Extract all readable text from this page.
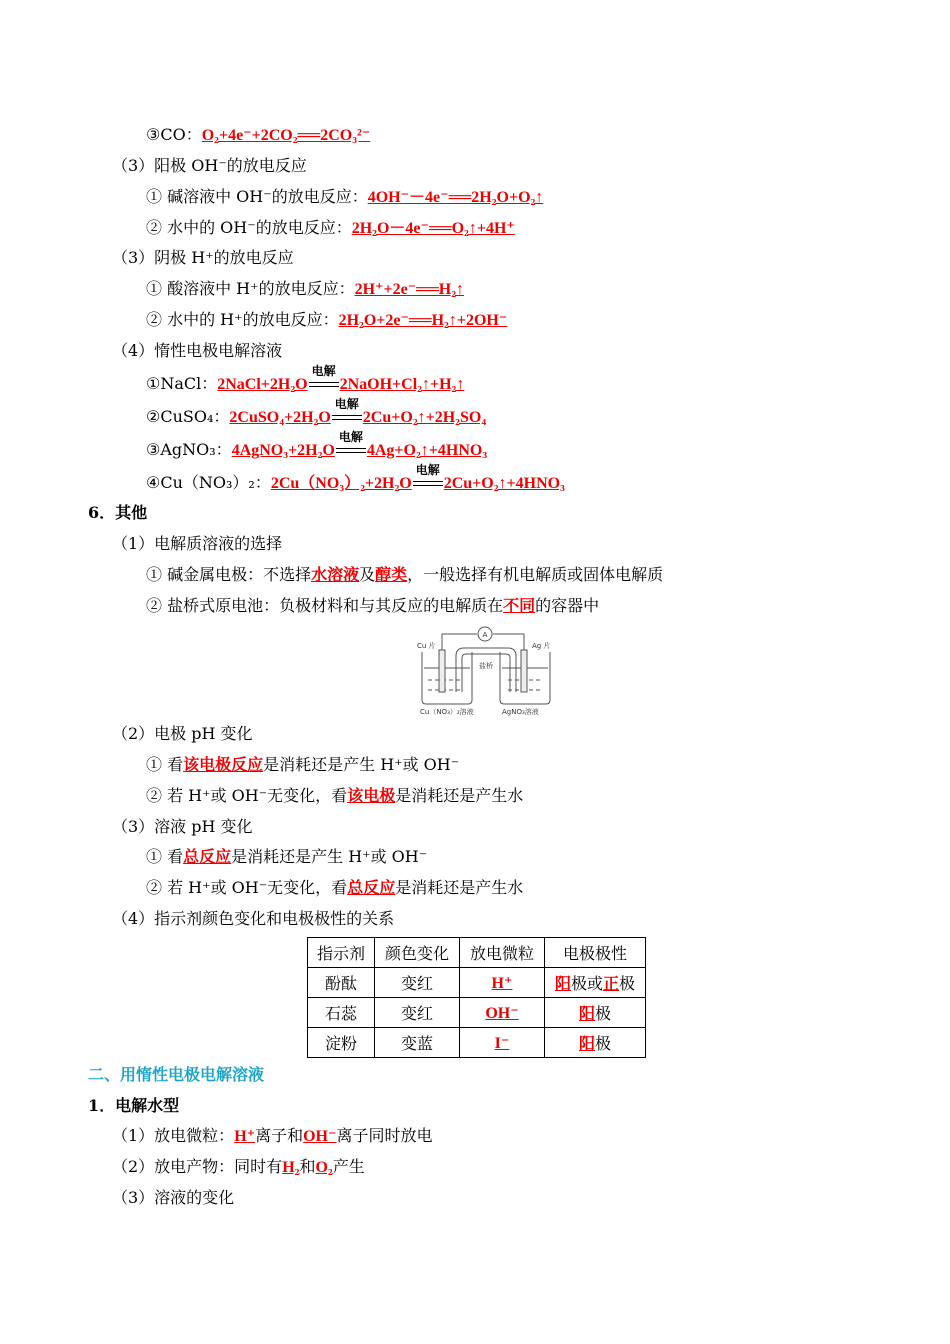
③CO：O₂+4e⁻+2CO₂══2CO₃²⁻
（3）阳极 OH⁻的放电反应
① 碱溶液中 OH⁻的放电反应：4OH⁻－4e⁻══2H₂O+O₂↑
② 水中的 OH⁻的放电反应：2H₂O－4e⁻══O₂↑+4H⁺
（3）阴极 H⁺的放电反应
① 酸溶液中 H⁺的放电反应：2H⁺+2e⁻══H₂↑
② 水中的 H⁺的放电反应：2H₂O+2e⁻══H₂↑+2OH⁻
（4）惰性电极电解溶液
①NaCl：2NaCl+2H₂O
电解
2NaOH+Cl₂↑+H₂↑
②CuSO₄：2CuSO₄+2H₂O
电解
2Cu+O₂↑+2H₂SO₄
③AgNO₃：4AgNO₃+2H₂O
电解
4Ag+O₂↑+4HNO₃
④Cu（NO₃）₂：2Cu（NO₃）₂+2H₂O
电解
2Cu+O₂↑+4HNO₃
6．其他
（1）电解质溶液的选择
① 碱金属电极：不选择水溶液及醇类，一般选择有机电解质或固体电解质
② 盐桥式原电池：负极材料和与其反应的电解质在不同的容器中
A
Cu 片	Ag 片
盐桥
Cu（NO₃）₂溶液	AgNO₃溶液
（2）电极 pH 变化
① 看该电极反应是消耗还是产生 H⁺或 OH⁻
② 若 H⁺或 OH⁻无变化，看该电极是消耗还是产生水
（3）溶液 pH 变化
① 看总反应是消耗还是产生 H⁺或 OH⁻
② 若 H⁺或 OH⁻无变化，看总反应是消耗还是产生水
（4）指示剂颜色变化和电极极性的关系
指示剂	颜色变化	放电微粒	电极极性
酚酞	变红	H⁺	阳极或正极
石蕊	变红	OH⁻	阳极
淀粉	变蓝	I⁻	阳极
二、用惰性电极电解溶液
1．电解水型
（1）放电微粒：H⁺离子和OH⁻离子同时放电
（2）放电产物：同时有H₂和O₂产生
（3）溶液的变化
